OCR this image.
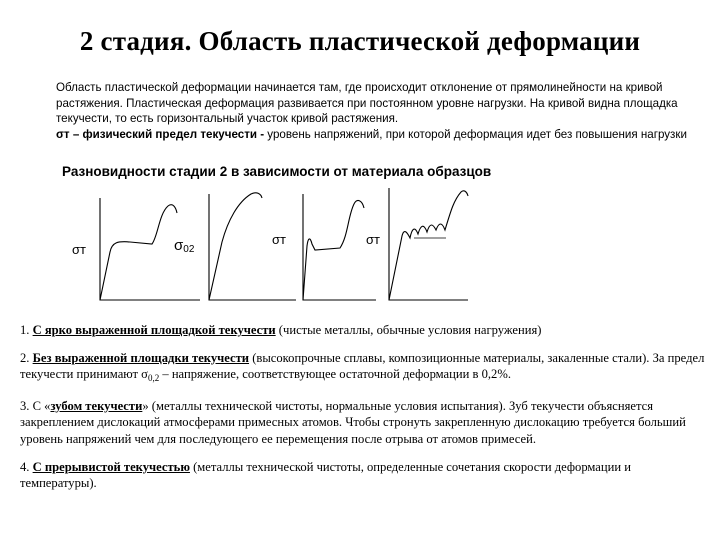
2 стадия. Область пластической деформации

Область пластической деформации начинается там, где происходит отклонение от прямолинейности на кривой растяжения. Пластическая деформация развивается при постоянном уровне нагрузки. На кривой видна площадка текучести, то есть горизонтальный участок кривой растяжения.

σт – физический предел текучести - уровень напряжений, при которой деформация идет без повышения нагрузки

Разновидности стадии 2 в зависимости от материала образцов
σт	σ02
σт	σт

1. С ярко выраженной площадкой текучести (чистые металлы, обычные условия нагружения)

2. Без выраженной площадки текучести (высокопрочные сплавы, композиционные материалы, закаленные стали). За предел текучести принимают $\sigma_{0,2}$ – напряжение, соответствующее остаточной деформации в 0,2%.

3. С «зубом текучести» (металлы технической чистоты, нормальные условия испытания). Зуб текучести объясняется закреплением дислокаций атмосферами примесных атомов. Чтобы стронуть закрепленную дислокацию требуется больший уровень напряжений чем для последующего ее перемещения после отрыва от атомов примесей.

4. С прерывистой текучестью (металлы технической чистоты, определенные сочетания скорости деформации и температуры).
